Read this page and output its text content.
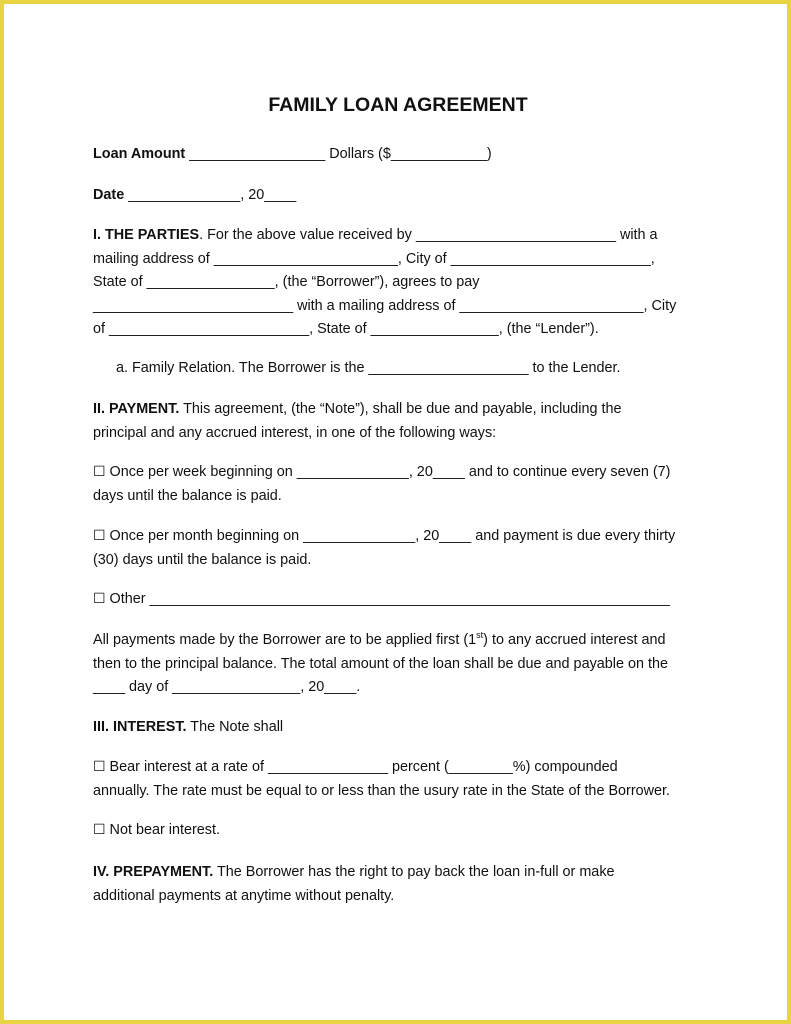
FAMILY LOAN AGREEMENT
Loan Amount _________________ Dollars ($____________)
Date ______________, 20____
I. THE PARTIES. For the above value received by _________________________ with a
mailing address of _______________________, City of _________________________,
State of ________________, (the “Borrower”), agrees to pay
_________________________ with a mailing address of _______________________, City
of _________________________, State of ________________, (the “Lender”).
a. Family Relation. The Borrower is the ____________________ to the Lender.
II. PAYMENT. This agreement, (the “Note”), shall be due and payable, including the
principal and any accrued interest, in one of the following ways:
☐ Once per week beginning on ______________, 20____ and to continue every seven (7)
days until the balance is paid.
☐ Once per month beginning on ______________, 20____ and payment is due every thirty
(30) days until the balance is paid.
☐ Other _________________________________________________________________
All payments made by the Borrower are to be applied first (1st) to any accrued interest and
then to the principal balance. The total amount of the loan shall be due and payable on the
____ day of ________________, 20____.
III. INTEREST. The Note shall
☐ Bear interest at a rate of _______________ percent (________%) compounded
annually. The rate must be equal to or less than the usury rate in the State of the Borrower.
☐ Not bear interest.
IV. PREPAYMENT. The Borrower has the right to pay back the loan in-full or make
additional payments at anytime without penalty.
